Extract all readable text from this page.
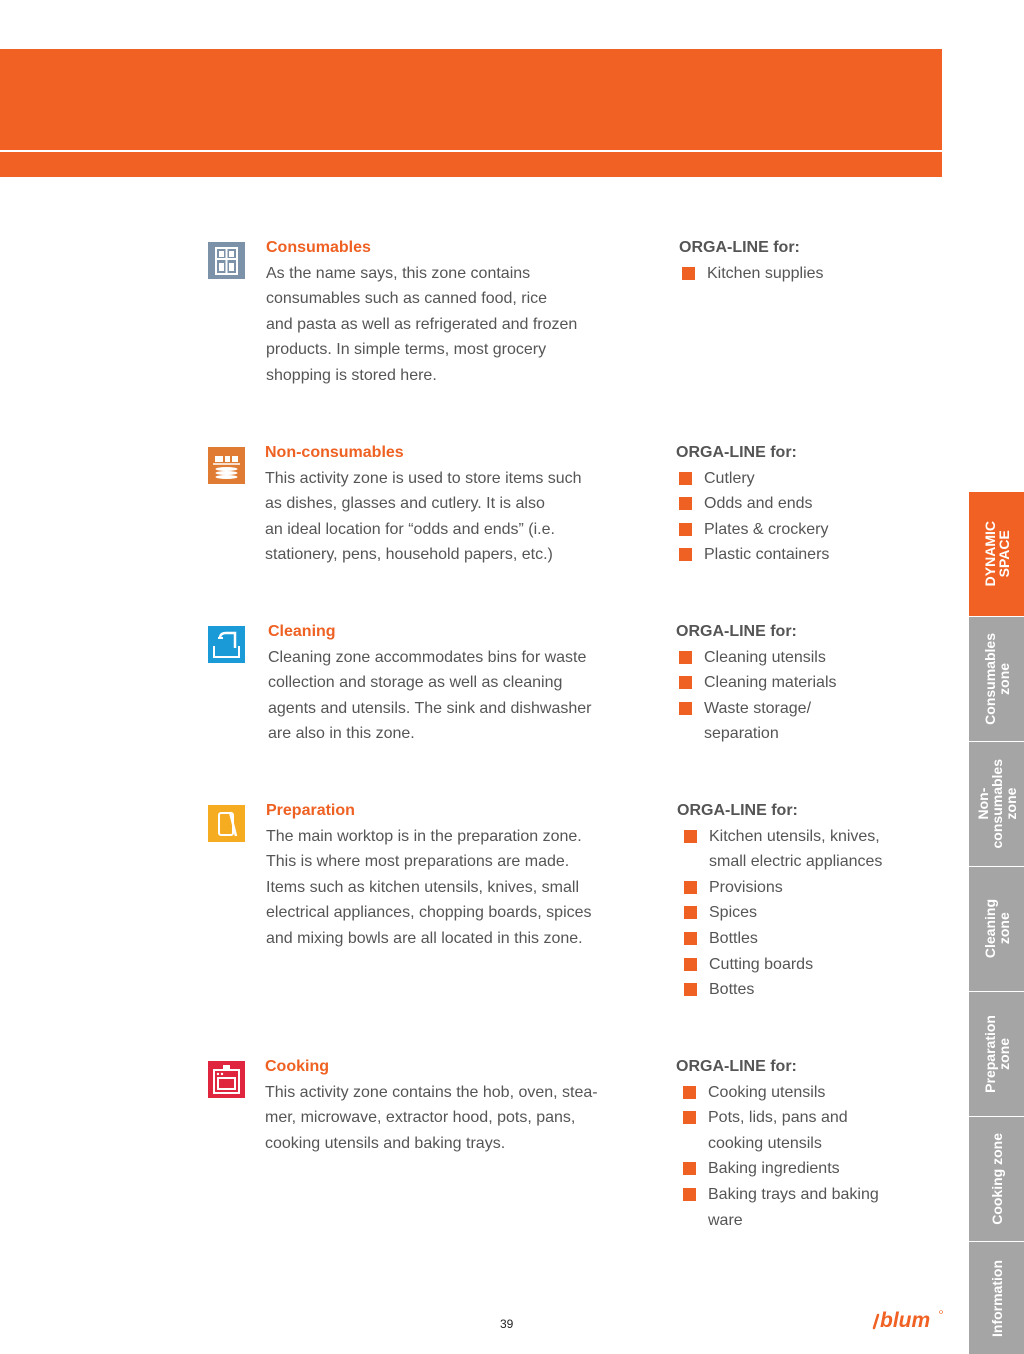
Consumables

As the name says, this zone contains

consumables such as canned food, rice

and pasta as well as refrigerated and frozen

products. In simple terms, most grocery

shopping is stored here.

ORGA-LINE for:
Kitchen supplies
Non-consumables

This activity zone is used to store items such

as dishes, glasses and cutlery. It is also

an ideal location for “odds and ends” (i.e.

stationery, pens, household papers, etc.)

ORGA-LINE for:
Cutlery
Odds and ends
Plates & crockery
Plastic containers
Cleaning

Cleaning zone accommodates bins for waste

collection and storage as well as cleaning

agents and utensils. The sink and dishwasher

are also in this zone.

ORGA-LINE for:
Cleaning utensils
Cleaning materials
Waste storage/
separation
Preparation

The main worktop is in the preparation zone.

This is where most preparations are made.

Items such as kitchen utensils, knives, small

electrical appliances, chopping boards, spices

and mixing bowls are all located in this zone.

ORGA-LINE for:
Kitchen utensils, knives,
small electric appliances
Provisions
Spices
Bottles
Cutting boards
Bottes
Cooking

This activity zone contains the hob, oven, stea-

mer, microwave, extractor hood, pots, pans,

cooking utensils and baking trays.

ORGA-LINE for:
Cooking utensils
Pots, lids, pans and
cooking utensils
Baking ingredients
Baking trays and baking
ware
DYNAMIC
SPACE
Consumables
zone
Non-
consumables
zone
Cleaning
zone
Preparation
zone
Cooking zone
Information
39	blum
